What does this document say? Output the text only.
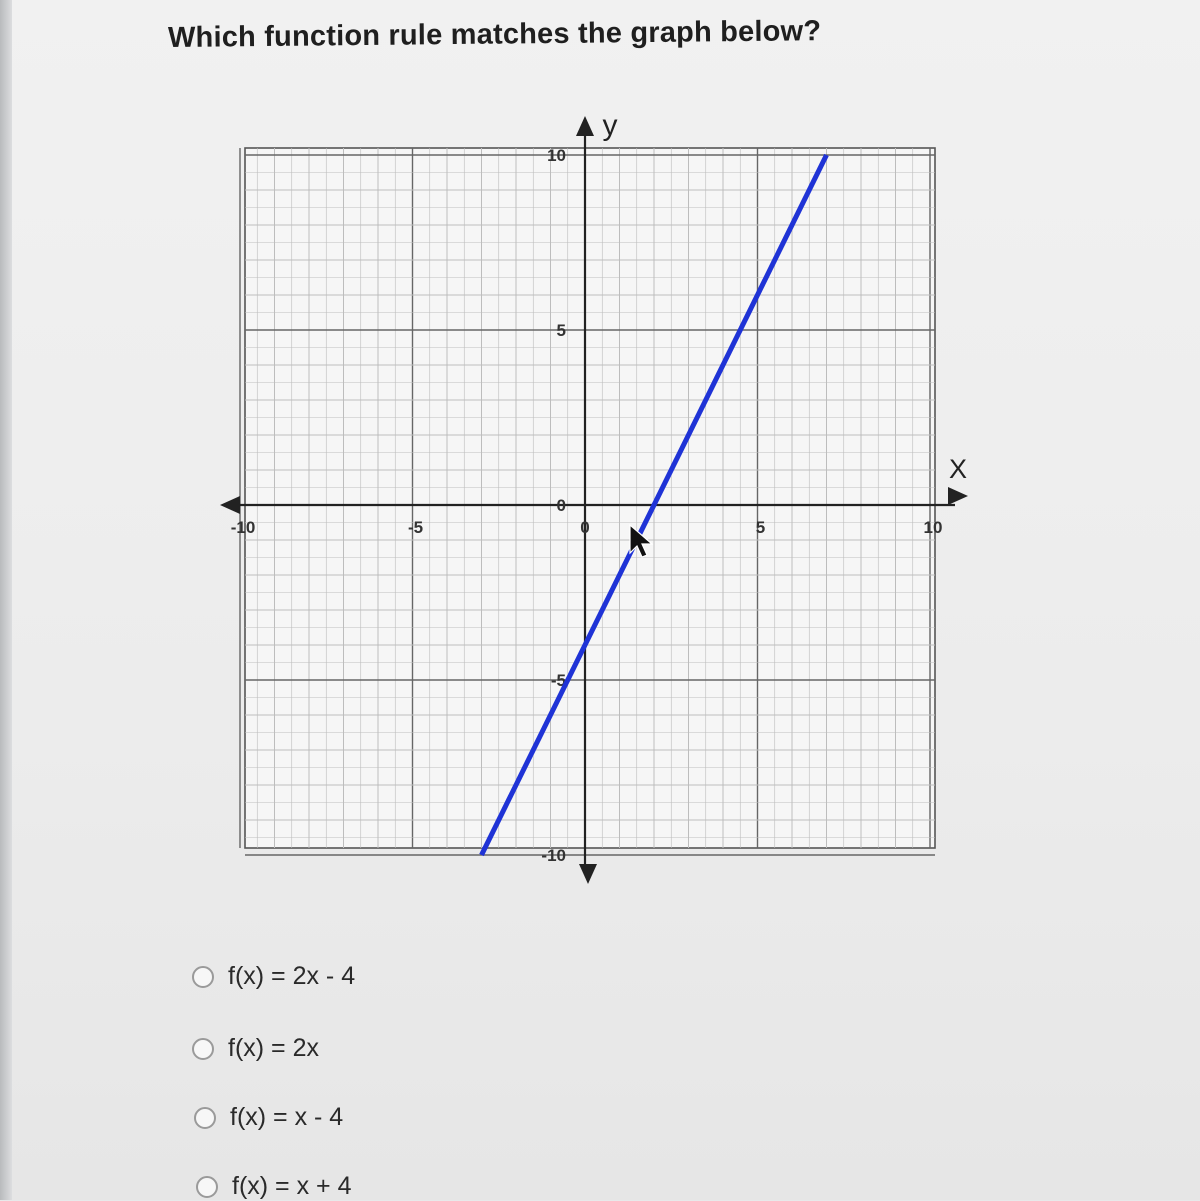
Which function rule matches the graph below?
X
y
-10	-5	0	5	10
10
5
0
-5
-10
f(x) = 2x - 4
f(x) = 2x
f(x) = x - 4
f(x) = x + 4
